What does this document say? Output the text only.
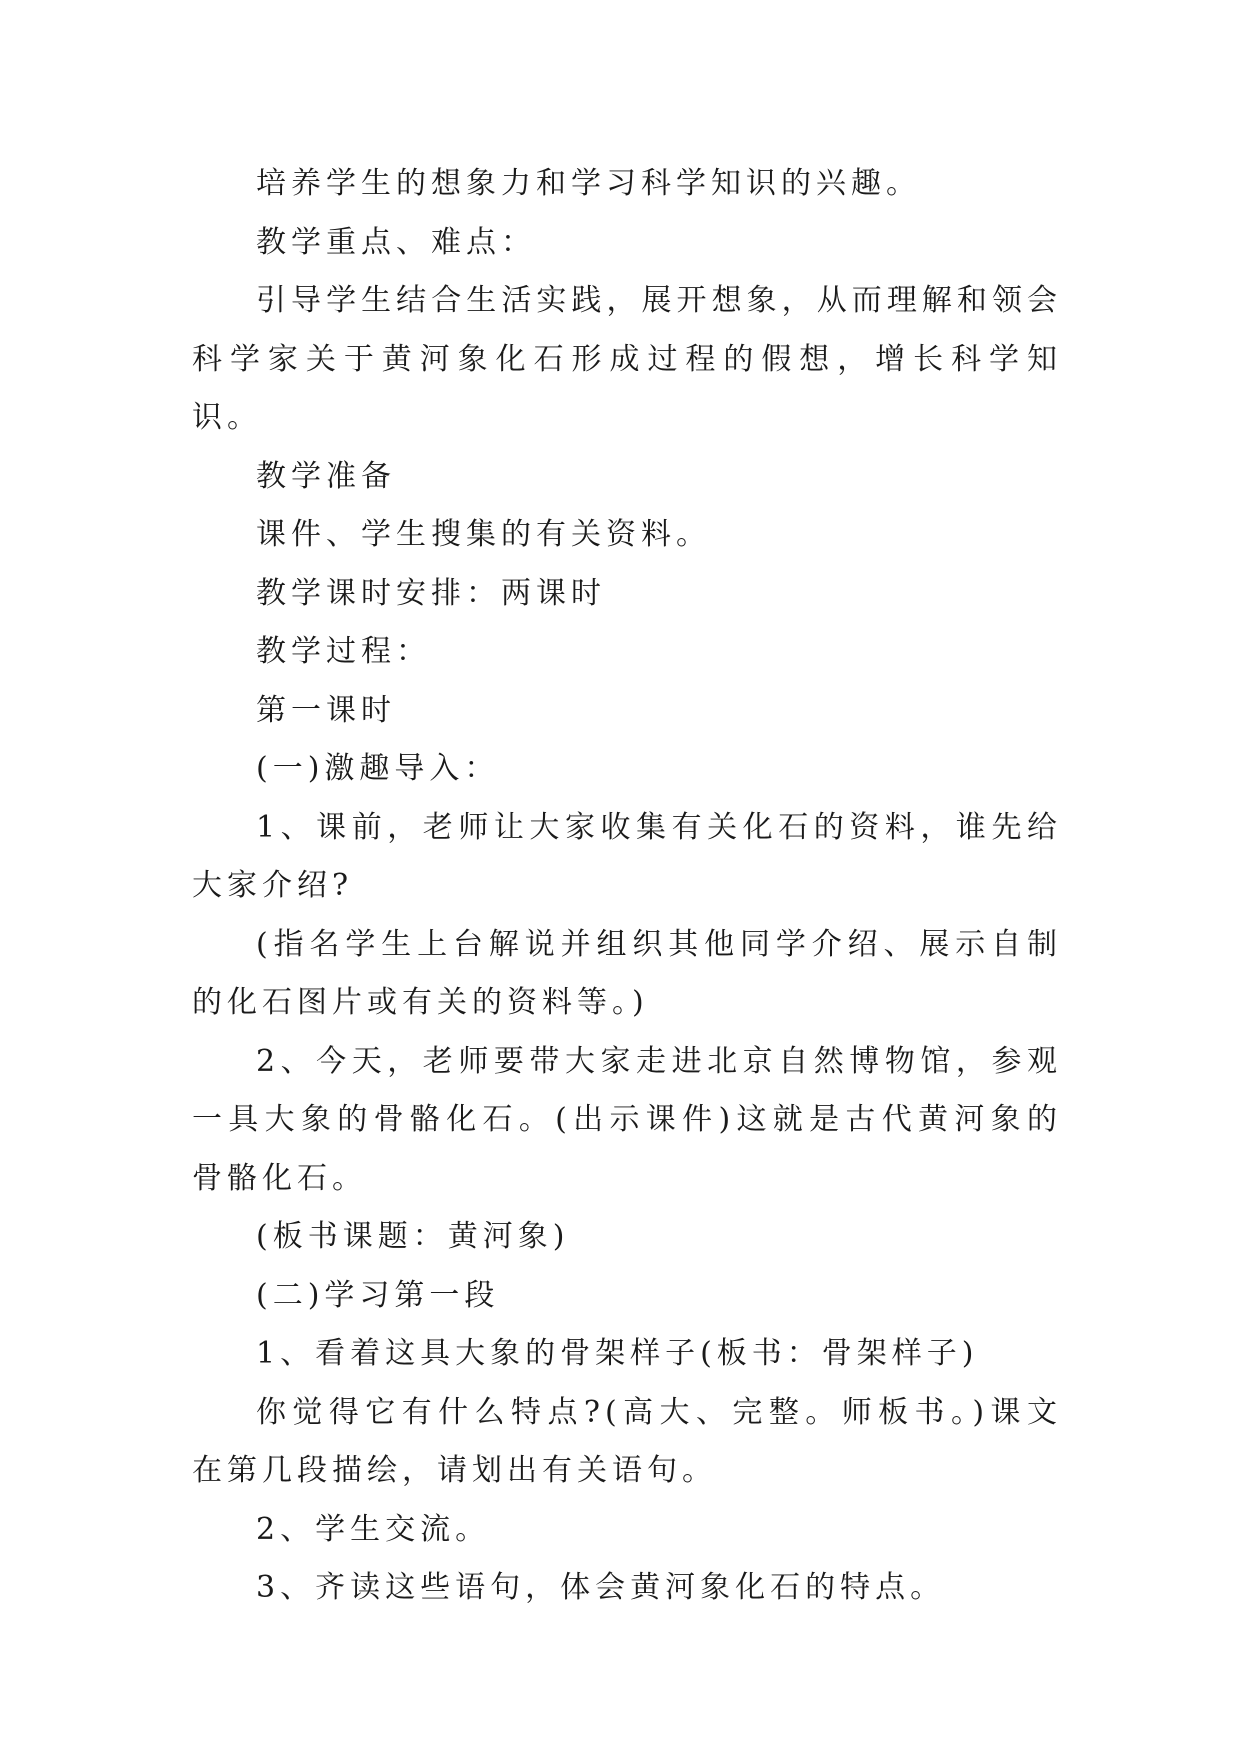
培养学生的想象力和学习科学知识的兴趣。

教学重点、难点：

引导学生结合生活实践，展开想象，从而理解和领会科学家关于黄河象化石形成过程的假想，增长科学知识。

教学准备

课件、学生搜集的有关资料。

教学课时安排：两课时

教学过程：

第一课时

(一)激趣导入：

1、课前，老师让大家收集有关化石的资料，谁先给大家介绍?

(指名学生上台解说并组织其他同学介绍、展示自制的化石图片或有关的资料等。)

2、今天，老师要带大家走进北京自然博物馆，参观一具大象的骨骼化石。(出示课件)这就是古代黄河象的骨骼化石。

(板书课题：黄河象)

(二)学习第一段

1、看着这具大象的骨架样子(板书：骨架样子)

你觉得它有什么特点?(高大、完整。师板书。)课文在第几段描绘，请划出有关语句。

2、学生交流。

3、齐读这些语句，体会黄河象化石的特点。
